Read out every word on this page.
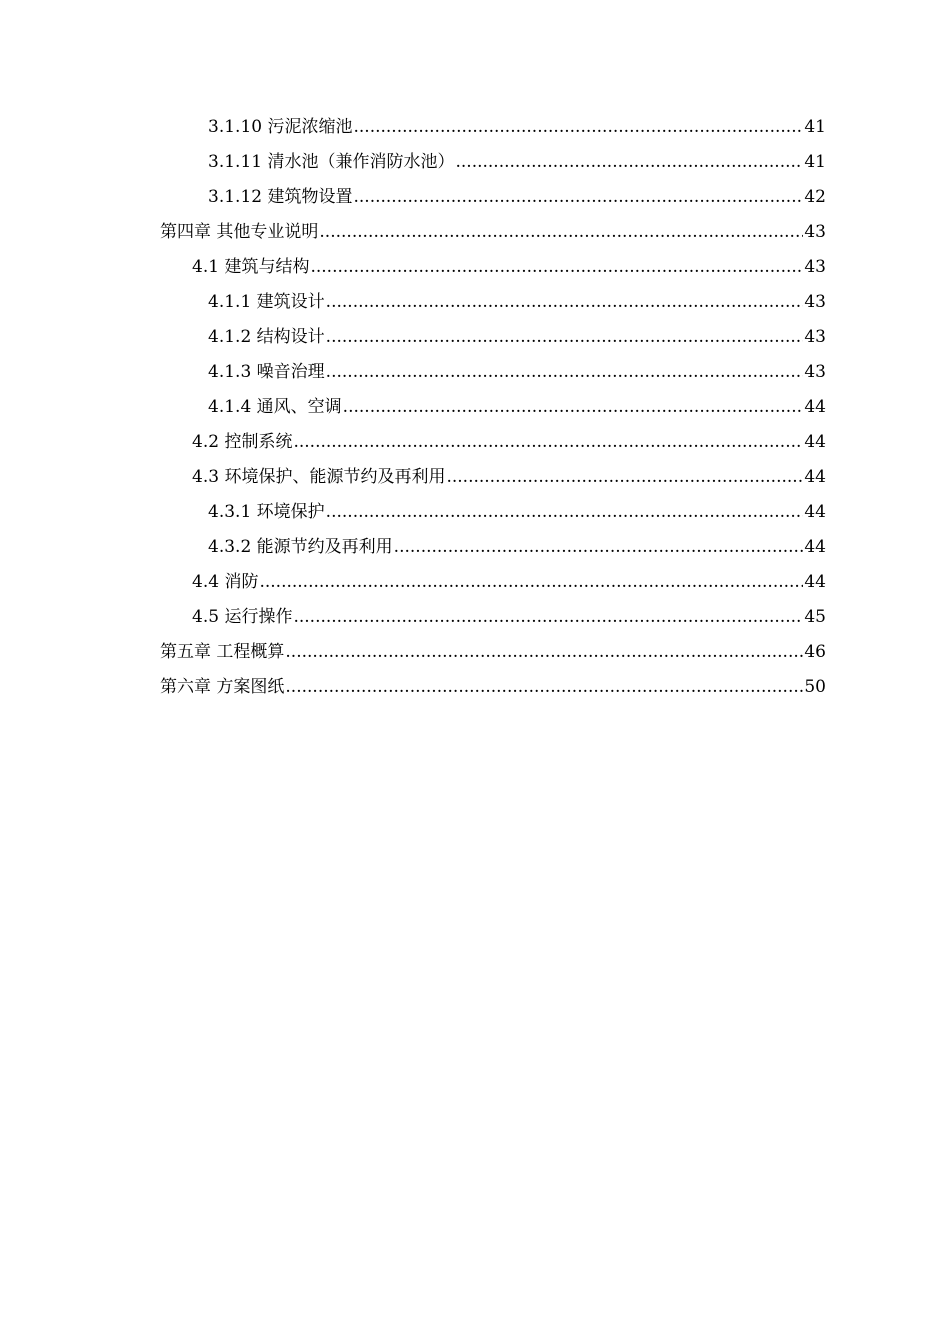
3.1.10 污泥浓缩池 .....	41
3.1.11 清水池（兼作消防水池） .....	41
3.1.12 建筑物设置 .....	42
第四章 其他专业说明 .....	43
4.1 建筑与结构 .....	43
4.1.1 建筑设计 .....	43
4.1.2 结构设计 .....	43
4.1.3 噪音治理 .....	43
4.1.4 通风、空调 .....	44
4.2 控制系统 .....	44
4.3 环境保护、能源节约及再利用 .....	44
4.3.1 环境保护 .....	44
4.3.2 能源节约及再利用 .....	44
4.4 消防 .....	44
4.5 运行操作 .....	45
第五章 工程概算 .....	46
第六章 方案图纸 .....	50
